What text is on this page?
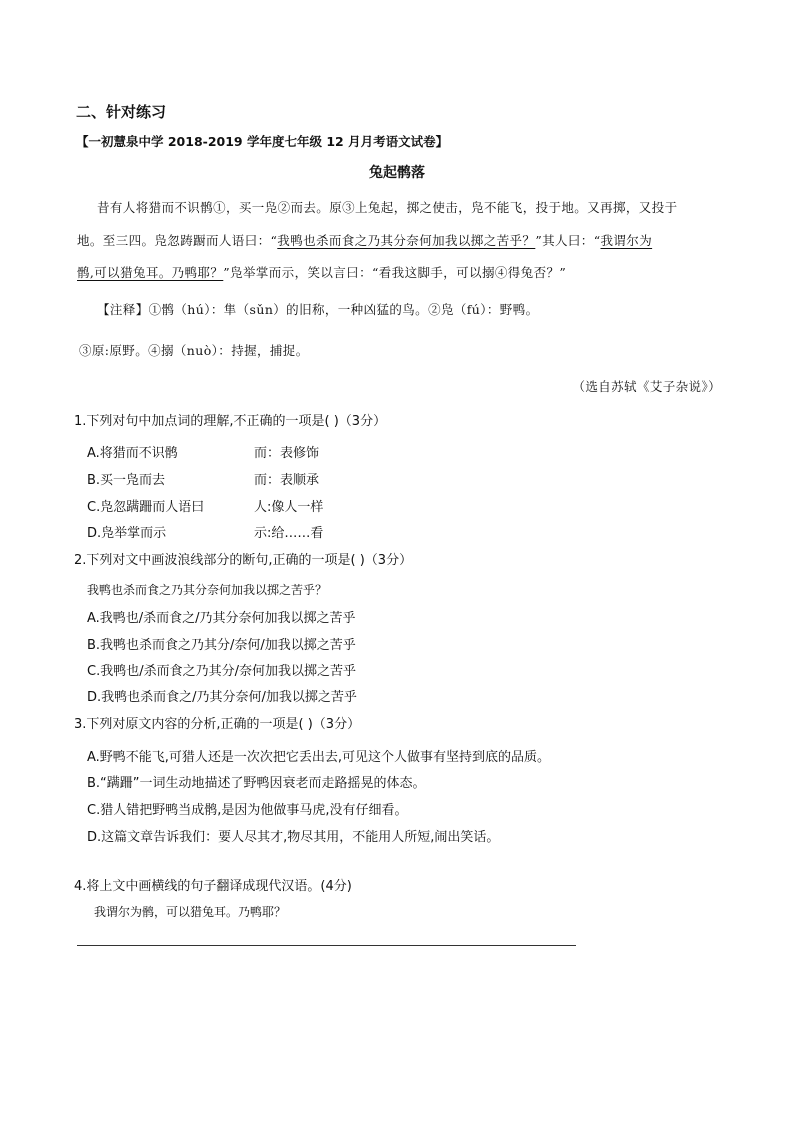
二、针对练习
【一初慧泉中学 2018-2019 学年度七年级 12 月月考语文试卷】
兔起鹘落
昔有人将猎而不识鹘①，买一凫②而去。原③上兔起，掷之使击，凫不能飞，投于地。又再掷，又投于
地。至三四。凫忽踌蹰而人语曰：“我鸭也杀而食之乃其分奈何加我以掷之苦乎？”其人曰：“我谓尔为
鹘,可以猎兔耳。乃鸭耶？”凫举掌而示，笑以言曰：“看我这脚手，可以搦④得兔否？”
【注释】①鹘（hú）：隼（sǔn）的旧称，一种凶猛的鸟。②凫（fú）：野鸭。
③原:原野。④搦（nuò）：持握，捕捉。
（选自苏轼《艾子杂说》）
1.下列对句中加点词的理解,不正确的一项是( )（3分）
A.将猎而不识鹘	而：表修饰
B.买一凫而去	而：表顺承
C.凫忽蹒跚而人语曰	人:像人一样
D.凫举掌而示	示:给……看
2.下列对文中画波浪线部分的断句,正确的一项是( )（3分）
我鸭也杀而食之乃其分奈何加我以掷之苦乎？
A.我鸭也/杀而食之/乃其分奈何加我以掷之苦乎
B.我鸭也杀而食之乃其分/奈何/加我以掷之苦乎
C.我鸭也/杀而食之乃其分/奈何加我以掷之苦乎
D.我鸭也杀而食之/乃其分奈何/加我以掷之苦乎
3.下列对原文内容的分析,正确的一项是( )（3分）
A.野鸭不能飞,可猎人还是一次次把它丢出去,可见这个人做事有坚持到底的品质。
B.“蹒跚”一词生动地描述了野鸭因衰老而走路摇晃的体态。
C.猎人错把野鸭当成鹘,是因为他做事马虎,没有仔细看。
D.这篇文章告诉我们：要人尽其才,物尽其用，不能用人所短,闹出笑话。
4.将上文中画横线的句子翻译成现代汉语。(4分)
我谓尔为鹘，可以猎兔耳。乃鸭耶？
